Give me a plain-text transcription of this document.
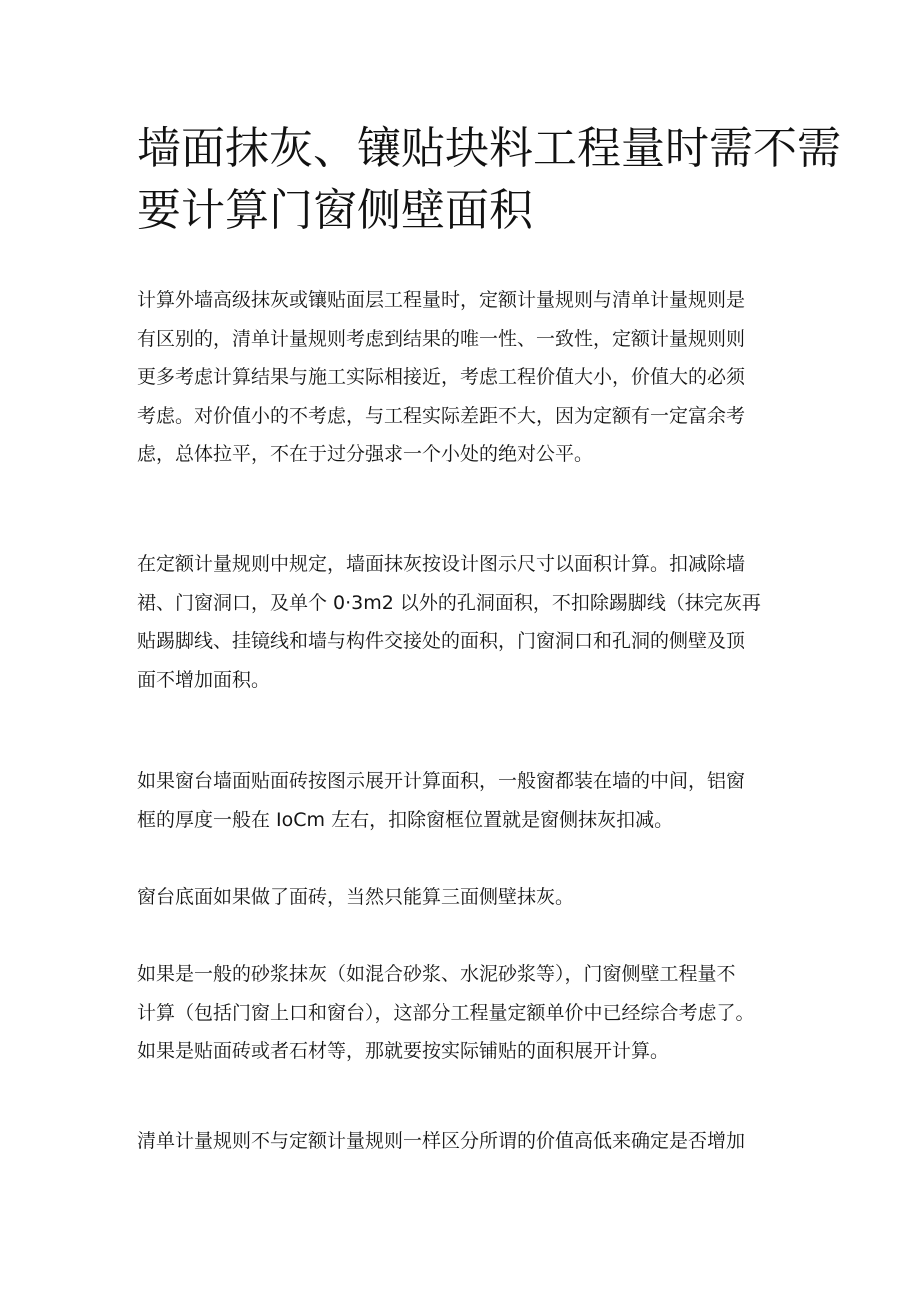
墙面抹灰、镶贴块料工程量时需不需
要计算门窗侧壁面积

计算外墙高级抹灰或镶贴面层工程量时，定额计量规则与清单计量规则是
有区别的，清单计量规则考虑到结果的唯一性、一致性，定额计量规则则
更多考虑计算结果与施工实际相接近，考虑工程价值大小，价值大的必须
考虑。对价值小的不考虑，与工程实际差距不大，因为定额有一定富余考
虑，总体拉平，不在于过分强求一个小处的绝对公平。

在定额计量规则中规定，墙面抹灰按设计图示尺寸以面积计算。扣减除墙
裙、门窗洞口，及单个 0·3m2 以外的孔洞面积，不扣除踢脚线（抹完灰再
贴踢脚线、挂镜线和墙与构件交接处的面积，门窗洞口和孔洞的侧壁及顶
面不增加面积。

如果窗台墙面贴面砖按图示展开计算面积，一般窗都装在墙的中间，铝窗
框的厚度一般在 IoCm 左右，扣除窗框位置就是窗侧抹灰扣减。

窗台底面如果做了面砖，当然只能算三面侧壁抹灰。

如果是一般的砂浆抹灰（如混合砂浆、水泥砂浆等），门窗侧壁工程量不
计算（包括门窗上口和窗台），这部分工程量定额单价中已经综合考虑了。
如果是贴面砖或者石材等，那就要按实际铺贴的面积展开计算。

清单计量规则不与定额计量规则一样区分所谓的价值高低来确定是否增加
